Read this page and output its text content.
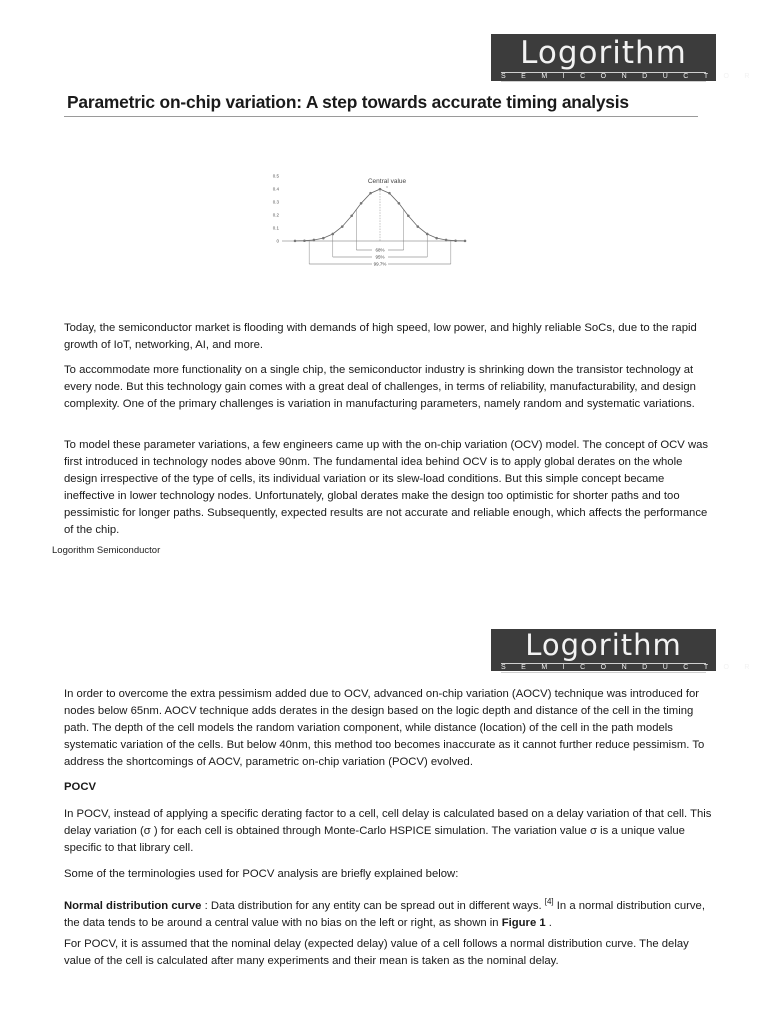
Logorithm
SEMICONDUCTOR
Parametric on-chip variation: A step towards accurate timing analysis
0
0.1
0.2
0.3
0.4
0.5
Central value
68%
95%
99.7%

Today, the semiconductor market is flooding with demands of high speed, low power, and highly reliable SoCs, due to the rapid growth of IoT, networking, AI, and more.

To accommodate more functionality on a single chip, the semiconductor industry is shrinking down the transistor technology at every node. But this technology gain comes with a great deal of challenges, in terms of reliability, manufacturability, and design complexity. One of the primary challenges is variation in manufacturing parameters, namely random and systematic variations.

To model these parameter variations, a few engineers came up with the on-chip variation (OCV) model. The concept of OCV was first introduced in technology nodes above 90nm. The fundamental idea behind OCV is to apply global derates on the whole design irrespective of the type of cells, its individual variation or its slew-load conditions. But this simple concept became ineffective in lower technology nodes. Unfortunately, global derates make the design too optimistic for shorter paths and too pessimistic for longer paths. Subsequently, expected results are not accurate and reliable enough, which affects the performance of the chip.

Logorithm Semiconductor
Logorithm
SEMICONDUCTOR

In order to overcome the extra pessimism added due to OCV, advanced on-chip variation (AOCV) technique was introduced for nodes below 65nm. AOCV technique adds derates in the design based on the logic depth and distance of the cell in the timing path. The depth of the cell models the random variation component, while distance (location) of the cell in the path models systematic variation of the cells. But below 40nm, this method too becomes inaccurate as it cannot further reduce pessimism. To address the shortcomings of AOCV, parametric on-chip variation (POCV) evolved.

POCV

In POCV, instead of applying a specific derating factor to a cell, cell delay is calculated based on a delay variation of that cell. This delay variation (σ ) for each cell is obtained through Monte-Carlo HSPICE simulation. The variation value σ is a unique value specific to that library cell.

Some of the terminologies used for POCV analysis are briefly explained below:

Normal distribution curve : Data distribution for any entity can be spread out in different ways. [4] In a normal distribution curve, the data tends to be around a central value with no bias on the left or right, as shown in Figure 1 .

For POCV, it is assumed that the nominal delay (expected delay) value of a cell follows a normal distribution curve. The delay value of the cell is calculated after many experiments and their mean is taken as the nominal delay.
